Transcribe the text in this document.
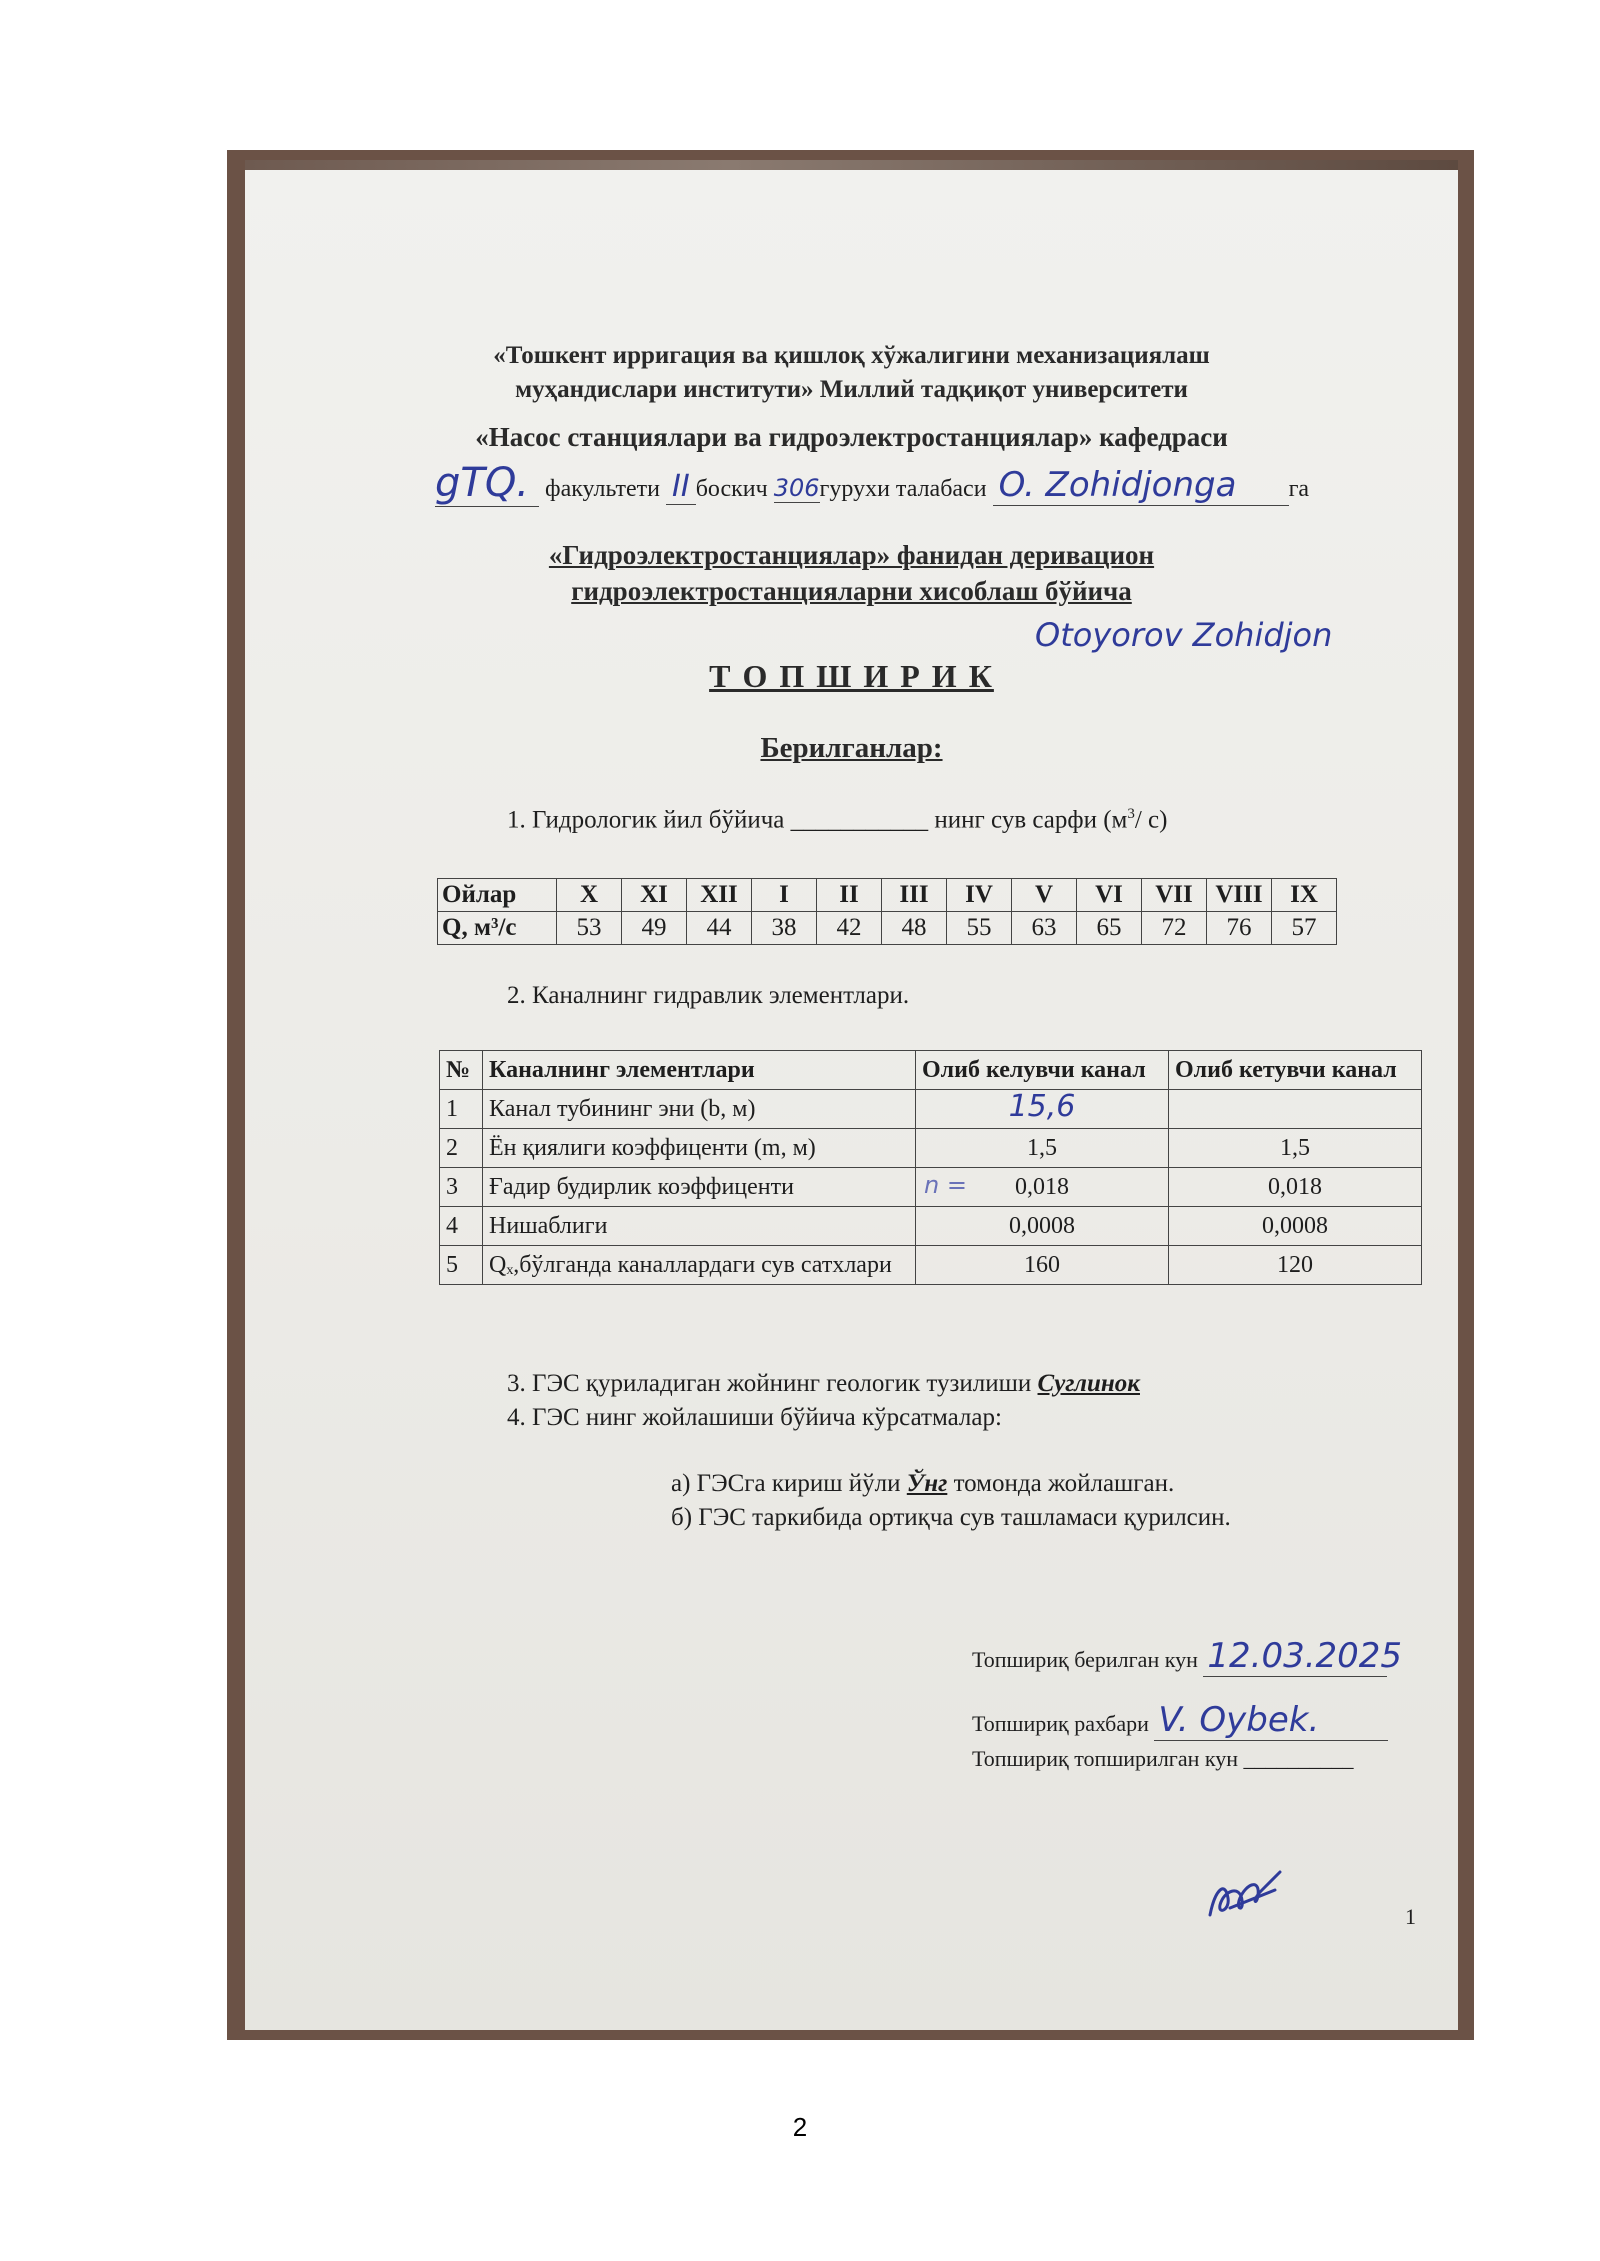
«Тошкент ирригация ва қишлоқ хўжалигини механизациялаш
муҳандислари институти» Миллий тадқиқот университети
«Насос станциялари ва гидроэлектростанциялар» кафедраси
gTQ. факультети II боскич 306гурухи талабаси O. Zohidjonga га
«Гидроэлектростанциялар» фанидан деривацион
гидроэлектростанцияларни хисоблаш бўйича
Otoyorov Zohidjon
Т О П Ш И Р И К
Берилганлар:
1. Гидрологик йил бўйича ___________ нинг сув сарфи ($м^3/$ с)
Ойлар	X	XI	XII	I	II	III	IV	V	VI	VII	VIII	IX
Q, м³/с	53	49	44	38	42	48	55	63	65	72	76	57
2. Каналнинг гидравлик элементлари.
№	Каналнинг элементлари	Олиб келувчи канал	Олиб кетувчи канал
1	Канал тубининг эни (b, м)	15,6	
2	Ён қиялиги коэффиценти (m, м)	1,5	1,5
3	Ғадир будирлик коэффиценти	n = 0,018	0,018
4	Нишаблиги	0,0008	0,0008
5	Qₓ,бўлганда каналлардаги сув сатхлари	160	120
3. ГЭС қуриладиган жойнинг геологик тузилиши Суглинок
4. ГЭС нинг жойлашиши бўйича кўрсатмалар:
а) ГЭСга кириш йўли Ўнг томонда жойлашган.
б) ГЭС таркибида ортиқча сув ташламаси қурилсин.
Топшириқ берилган кун 12.03.2025
Топшириқ рахбари V. Oybek.
Топшириқ топширилган кун __________
1
2
